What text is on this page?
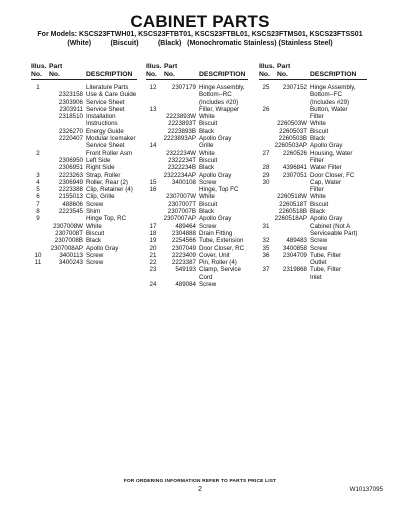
CABINET PARTS
For Models: KSCS23FTWH01, KSCS23FTBT01, KSCS23FTBL01, KSCS23FTMS01, KSCS23FTSS01
(White)          (Biscuit)          (Black)   (Monochromatic Stainless) (Stainless Steel)
Illus.
No.
Part
No.	DESCRIPTION
1	Literature Parts
2323158 Use & Care Guide
2303906 Service Sheet
2303911 Service Sheet
2318510 Installation
Instructions
2326270 Energy Guide
2220407 Modular Icemaker
Service Sheet
2	Front Roller Asm
2306950 Left Side
2306951 Right Side
3	2223263 Strap, Roller
4	2306949 Roller, Rear (2)
5	2223388 Clip, Retainer (4)
6	2155013 Clip, Grille
7	488606 Screw
8	2223545 Shim
9	Hinge Top, RC
2307008W White
2307008T Biscuit
2307008B Black
2307008AP Apollo Gray
10	3400113 Screw
11	3400243 Screw
Illus.
No.
Part
No.	DESCRIPTION
12	2307179 Hinge Assembly,
Bottom--RC
(Includes #20)
13	Filler, Wrapper
2223893W White
2223893T Biscuit
2223893B Black
2223893AP Apollo Gray
14	Grille
2322234W White
2322234T Biscuit
2322234B Black
2322234AP Apollo Gray
15	3400108 Screw
16	Hinge, Top FC
2307007W White
2307007T Biscuit
2307007B Black
2307007AP Apollo Gray
17	489464 Screw
18	2304888 Drain Fitting
19	2254566 Tube, Extension
20	2307049 Door Closer, RC
21	2223409 Cover, Unit
22	2223387 Pin, Roller (4)
23	549193 Clamp, Service
Cord
24	489084 Screw
Illus.
No.
Part
No.	DESCRIPTION
25	2307152 Hinge Assembly,
Bottom--FC
(Includes #29)
26	Button, Water
Filter
2260503W White
2260503T Biscuit
2260503B Black
2260503AP Apollo Gray
27	2260526 Housing, Water
Filter
28	4396841 Water Filter
29	2307051 Door Closer, FC
30	Cap, Water
Filter
2260518W White
2260518T Biscuit
2260518B Black
2260518AP Apollo Gray
31	Cabinet (Not A
Serviceable Part)
32	489483 Screw
35	3400858 Screw
36	2304709 Tube, Filter
Outlet
37	2319868 Tube, Filter
Inlet
FOR ORDERING INFORMATION REFER TO PARTS PRICE LIST
2	W10137095
